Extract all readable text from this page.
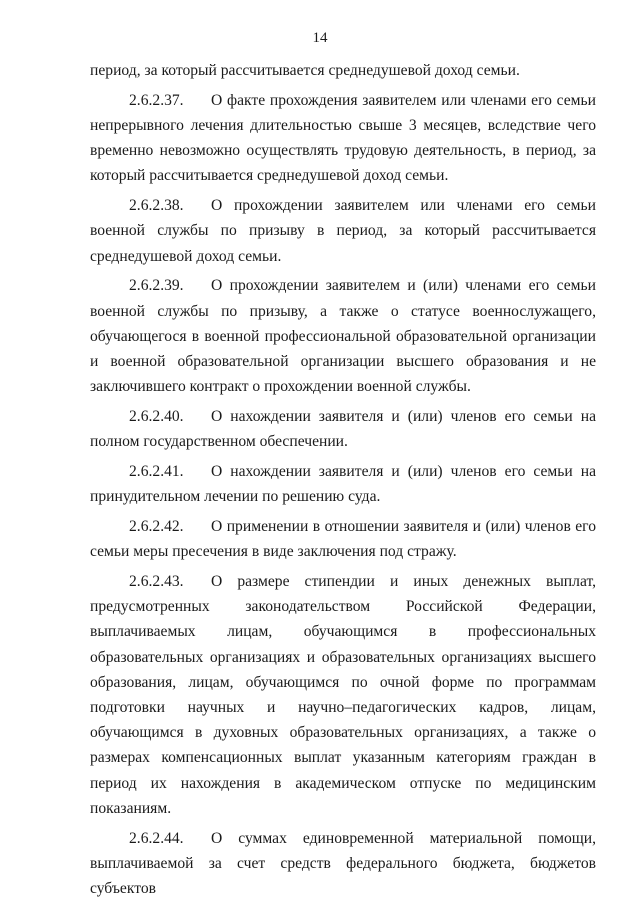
14

период, за который рассчитывается среднедушевой доход семьи.

2.6.2.37. О факте прохождения заявителем или членами его семьи непрерывного лечения длительностью свыше 3 месяцев, вследствие чего временно невозможно осуществлять трудовую деятельность, в период, за который рассчитывается среднедушевой доход семьи.

2.6.2.38. О прохождении заявителем или членами его семьи военной службы по призыву в период, за который рассчитывается среднедушевой доход семьи.

2.6.2.39. О прохождении заявителем и (или) членами его семьи военной службы по призыву, а также о статусе военнослужащего, обучающегося в военной профессиональной образовательной организации и военной образовательной организации высшего образования и не заключившего контракт о прохождении военной службы.

2.6.2.40. О нахождении заявителя и (или) членов его семьи на полном государственном обеспечении.

2.6.2.41. О нахождении заявителя и (или) членов его семьи на принудительном лечении по решению суда.

2.6.2.42. О применении в отношении заявителя и (или) членов его семьи меры пресечения в виде заключения под стражу.

2.6.2.43. О размере стипендии и иных денежных выплат, предусмотренных законодательством Российской Федерации, выплачиваемых лицам, обучающимся в профессиональных образовательных организациях и образовательных организациях высшего образования, лицам, обучающимся по очной форме по программам подготовки научных и научно–педагогических кадров, лицам, обучающимся в духовных образовательных организациях, а также о размерах компенсационных выплат указанным категориям граждан в период их нахождения в академическом отпуске по медицинским показаниям.

2.6.2.44. О суммах единовременной материальной помощи, выплачиваемой за счет средств федерального бюджета, бюджетов субъектов
